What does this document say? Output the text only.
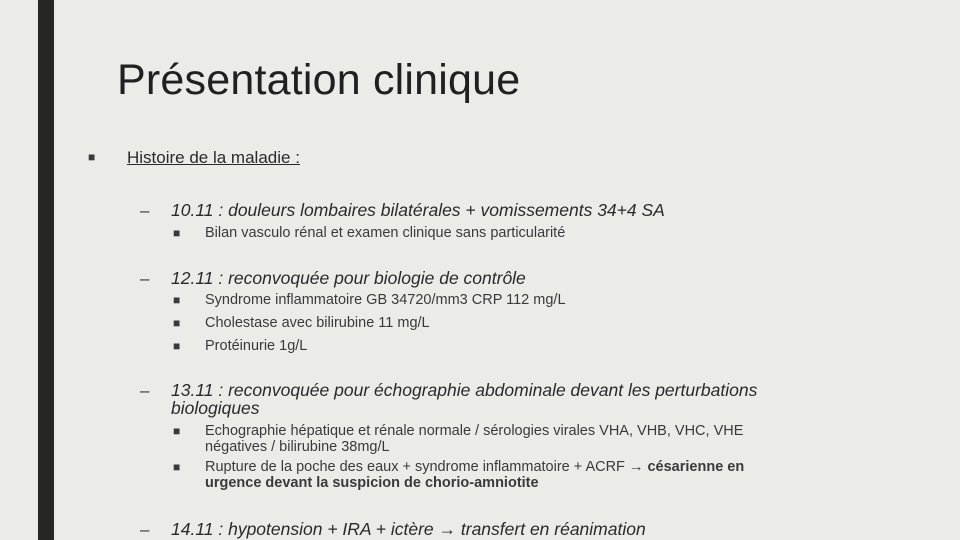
Présentation clinique
■ Histoire de la maladie :
– 10.11 : douleurs lombaires bilatérales + vomissements 34+4 SA
■ Bilan vasculo rénal et examen clinique sans particularité
– 12.11 : reconvoquée pour biologie de contrôle
■ Syndrome inflammatoire GB 34720/mm3 CRP 112 mg/L
■ Cholestase avec bilirubine 11 mg/L
■ Protéinurie 1g/L
– 13.11 : reconvoquée pour échographie abdominale devant les perturbations
biologiques
■ Echographie hépatique et rénale normale / sérologies virales VHA, VHB, VHC, VHE
négatives / bilirubine 38mg/L
■ Rupture de la poche des eaux + syndrome inflammatoire + ACRF → césarienne en
urgence devant la suspicion de chorio-amniotite
– 14.11 : hypotension + IRA + ictère → transfert en réanimation
